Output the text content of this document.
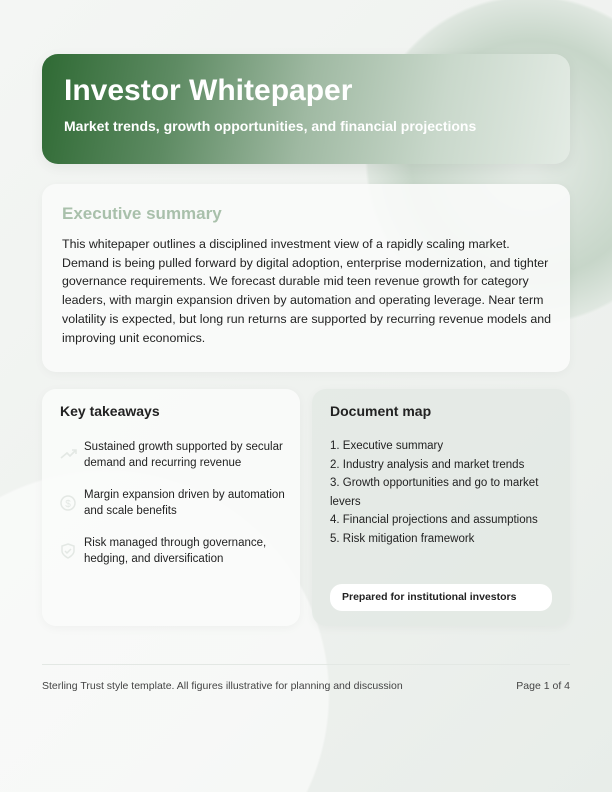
Investor Whitepaper

Market trends, growth opportunities, and financial projections

Executive summary

This whitepaper outlines a disciplined investment view of a rapidly scaling market. Demand is being pulled forward by digital adoption, enterprise modernization, and tighter governance requirements. We forecast durable mid teen revenue growth for category leaders, with margin expansion driven by automation and operating leverage. Near term volatility is expected, but long run returns are supported by recurring revenue models and improving unit economics.

Key takeaways
Sustained growth supported by secular demand and recurring revenue
$
Margin expansion driven by automation and scale benefits
Risk managed through governance, hedging, and diversification
Document map
1. Executive summary
2. Industry analysis and market trends
3. Growth opportunities and go to market levers
4. Financial projections and assumptions
5. Risk mitigation framework
Prepared for institutional investors
Sterling Trust style template. All figures illustrative for planning and discussion	Page 1 of 4
